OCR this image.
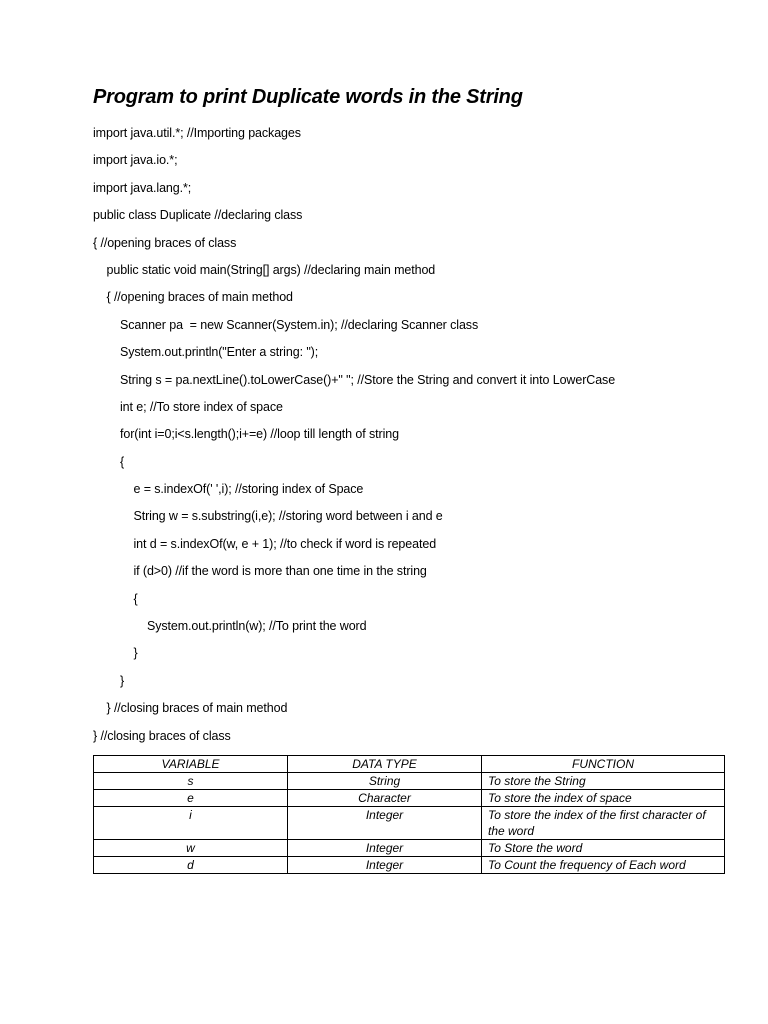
Program to print Duplicate words in the String
import java.util.*; //Importing packages
import java.io.*;
import java.lang.*;
public class Duplicate //declaring class
{ //opening braces of class
public static void main(String[] args) //declaring main method
{ //opening braces of main method
Scanner pa  = new Scanner(System.in); //declaring Scanner class
System.out.println("Enter a string: ");
String s = pa.nextLine().toLowerCase()+" "; //Store the String and convert it into LowerCase
int e; //To store index of space
for(int i=0;i<s.length();i+=e) //loop till length of string
{
e = s.indexOf(' ',i); //storing index of Space
String w = s.substring(i,e); //storing word between i and e
int d = s.indexOf(w, e + 1); //to check if word is repeated
if (d>0) //if the word is more than one time in the string
{
System.out.println(w); //To print the word
}
}
} //closing braces of main method
} //closing braces of class
VARIABLE	DATA TYPE	FUNCTION
s	String	To store the String
e	Character	To store the index of space
i	Integer	To store the index of the first character of the word
w	Integer	To Store the word
d	Integer	To Count the frequency of Each word
